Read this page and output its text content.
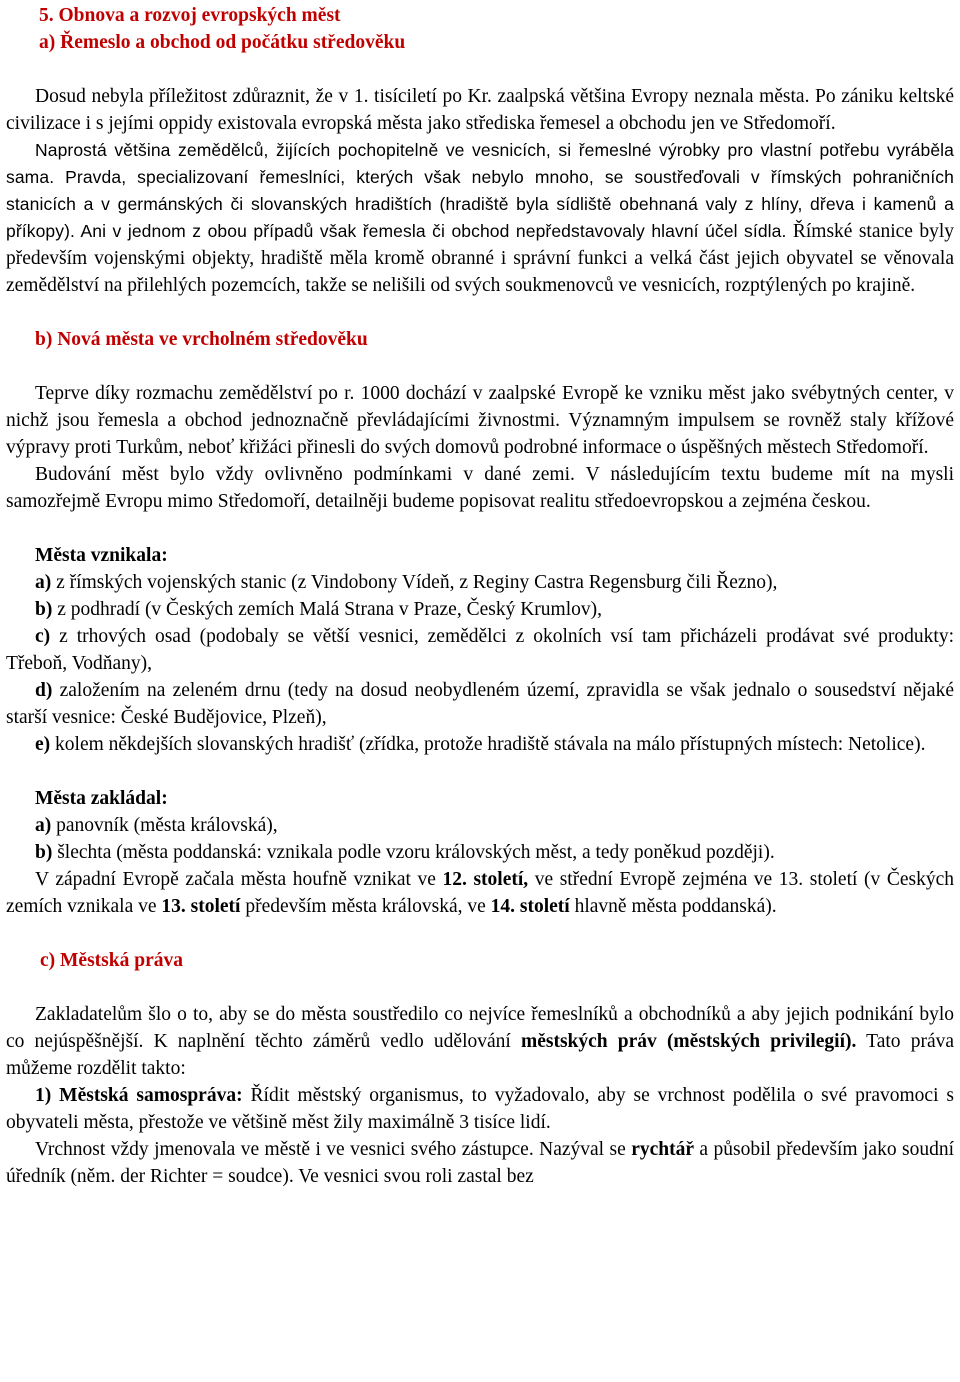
5. Obnova a rozvoj evropských měst
a) Řemeslo a obchod od počátku středověku

Dosud nebyla příležitost zdůraznit, že v 1. tisíciletí po Kr. zaalpská většina Evropy neznala města. Po zániku keltské civilizace i s jejími oppidy existovala evropská města jako střediska řemesel a obchodu jen ve Středomoří.

Naprostá většina zemědělců, žijících pochopitelně ve vesnicích, si řemeslné výrobky pro vlastní potřebu vyráběla sama. Pravda, specializovaní řemeslníci, kterých však nebylo mnoho, se soustřeďovali v římských pohraničních stanicích a v germánských či slovanských hradištích (hradiště byla sídliště obehnaná valy z hlíny, dřeva i kamenů a příkopy). Ani v jednom z obou případů však řemesla či obchod nepředstavovaly hlavní účel sídla. Římské stanice byly především vojenskými objekty, hradiště měla kromě obranné i správní funkci a velká část jejich obyvatel se věnovala zemědělství na přilehlých pozemcích, takže se nelišili od svých soukmenovců ve vesnicích, rozptýlených po krajině.

b) Nová města ve vrcholném středověku

Teprve díky rozmachu zemědělství po r. 1000 dochází v zaalpské Evropě ke vzniku měst jako svébytných center, v nichž jsou řemesla a obchod jednoznačně převládajícími živnostmi. Významným impulsem se rovněž staly křížové výpravy proti Turkům, neboť křižáci přinesli do svých domovů podrobné informace o úspěšných městech Středomoří.

Budování měst bylo vždy ovlivněno podmínkami v dané zemi. V následujícím textu budeme mít na mysli samozřejmě Evropu mimo Středomoří, detailněji budeme popisovat realitu středoevropskou a zejména českou.

Města vznikala:

a) z římských vojenských stanic (z Vindobony Vídeň, z Reginy Castra Regensburg čili Řezno),

b) z podhradí (v Českých zemích Malá Strana v Praze, Český Krumlov),

c) z trhových osad (podobaly se větší vesnici, zemědělci z okolních vsí tam přicházeli prodávat své produkty: Třeboň, Vodňany),

d) založením na zeleném drnu (tedy na dosud neobydleném území, zpravidla se však jednalo o sousedství nějaké starší vesnice: České Budějovice, Plzeň),

e) kolem někdejších slovanských hradišť (zřídka, protože hradiště stávala na málo přístupných místech: Netolice).

Města zakládal:

a) panovník (města královská),

b) šlechta (města poddanská: vznikala podle vzoru královských měst, a tedy poněkud později).

V západní Evropě začala města houfně vznikat ve 12. století, ve střední Evropě zejména ve 13. století (v Českých zemích vznikala ve 13. století především města královská, ve 14. století hlavně města poddanská).

c) Městská práva

Zakladatelům šlo o to, aby se do města soustředilo co nejvíce řemeslníků a obchodníků a aby jejich podnikání bylo co nejúspěšnější. K naplnění těchto záměrů vedlo udělování městských práv (městských privilegií). Tato práva můžeme rozdělit takto:

1) Městská samospráva: Řídit městský organismus, to vyžadovalo, aby se vrchnost podělila o své pravomoci s obyvateli města, přestože ve většině měst žily maximálně 3 tisíce lidí.

Vrchnost vždy jmenovala ve městě i ve vesnici svého zástupce. Nazýval se rychtář a působil především jako soudní úředník (něm. der Richter = soudce). Ve vesnici svou roli zastal bez
